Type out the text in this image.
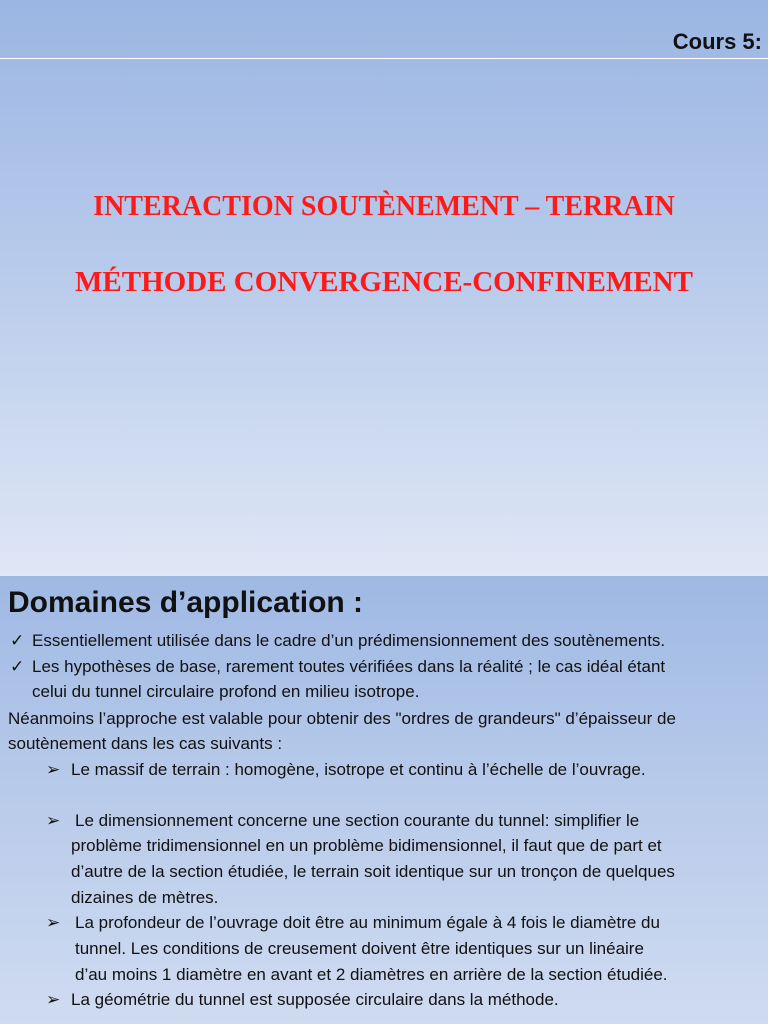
Cours 5:
INTERACTION SOUTÈNEMENT – TERRAIN
MÉTHODE CONVERGENCE-CONFINEMENT
Domaines d’application :
✓ Essentiellement utilisée dans le cadre d’un prédimensionnement des soutènements.
✓ Les hypothèses de base, rarement toutes vérifiées dans la réalité ; le cas idéal étant
celui du tunnel circulaire profond en milieu isotrope.
Néanmoins l’approche est valable pour obtenir des "ordres de grandeurs" d’épaisseur de
soutènement dans les cas suivants :
➢ Le massif de terrain : homogène, isotrope et continu à l’échelle de l’ouvrage.
➢ Le dimensionnement concerne une section courante du tunnel: simplifier le
problème tridimensionnel en un problème bidimensionnel, il faut que de part et
d’autre de la section étudiée, le terrain soit identique sur un tronçon de quelques
dizaines de mètres.
➢ La profondeur de l’ouvrage doit être au minimum égale à 4 fois le diamètre du
tunnel. Les conditions de creusement doivent être identiques sur un linéaire
d’au moins 1 diamètre en avant et 2 diamètres en arrière de la section étudiée.
➢ La géométrie du tunnel est supposée circulaire dans la méthode.
